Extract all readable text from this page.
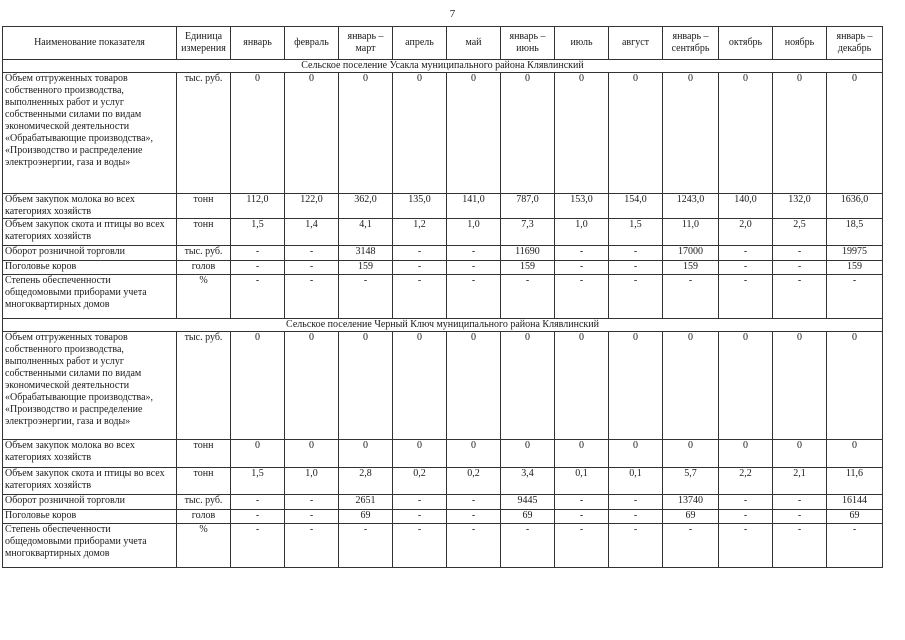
7
Наименование показателя	Единица измерения	январь	февраль	январь – март	апрель	май	январь – июнь	июль	август	январь – сентябрь	октябрь	ноябрь	январь – декабрь
Сельское поселение Усакла муниципального района Клявлинский													
Объем отгруженных товаров собственного производства, выполненных работ и услуг собственными силами по видам экономической деятельности «Обрабатывающие производства», «Производство и распределение электроэнергии, газа и воды»	тыс. руб.	0	0	0	0	0	0	0	0	0	0	0	0
Объем закупок молока во всех категориях хозяйств	тонн	112,0	122,0	362,0	135,0	141,0	787,0	153,0	154,0	1243,0	140,0	132,0	1636,0
Объем закупок скота и птицы во всех категориях хозяйств	тонн	1,5	1,4	4,1	1,2	1,0	7,3	1,0	1,5	11,0	2,0	2,5	18,5
Оборот розничной торговли	тыс. руб.	-	-	3148	-	-	11690	-	-	17000	-	-	19975
Поголовье коров	голов	-	-	159	-	-	159	-	-	159	-	-	159
Степень обеспеченности общедомовыми приборами учета многоквартирных домов	%	-	-	-	-	-	-	-	-	-	-	-	-
Сельское поселение Черный Ключ муниципального района Клявлинский													
Объем отгруженных товаров собственного производства, выполненных работ и услуг собственными силами по видам экономической деятельности «Обрабатывающие производства», «Производство и распределение электроэнергии, газа и воды»	тыс. руб.	0	0	0	0	0	0	0	0	0	0	0	0
Объем закупок молока во всех категориях хозяйств	тонн	0	0	0	0	0	0	0	0	0	0	0	0
Объем закупок скота и птицы во всех категориях хозяйств	тонн	1,5	1,0	2,8	0,2	0,2	3,4	0,1	0,1	5,7	2,2	2,1	11,6
Оборот розничной торговли	тыс. руб.	-	-	2651	-	-	9445	-	-	13740	-	-	16144
Поголовье коров	голов	-	-	69	-	-	69	-	-	69	-	-	69
Степень обеспеченности общедомовыми приборами учета многоквартирных домов	%	-	-	-	-	-	-	-	-	-	-	-	-
